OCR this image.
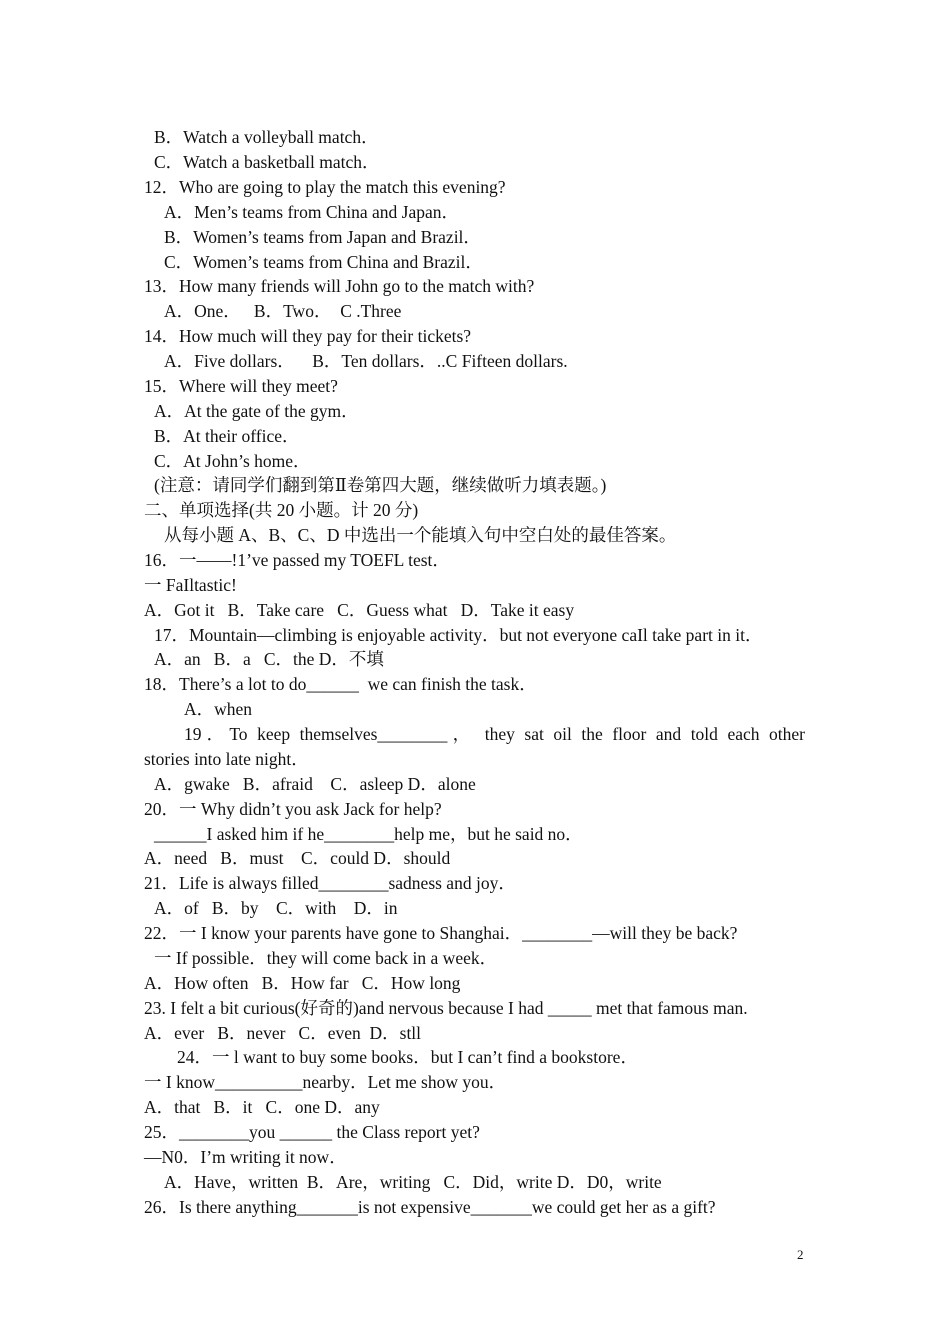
B．Watch a volleyball match．
C．Watch a basketball match．
12．Who are going to play the match this evening?
A．Men’s teams from China and Japan．
B．Women’s teams from Japan and Brazil．
C．Women’s teams from China and Brazil．
13．How many friends will John go to the match with?
A．One．   B．Two．  C .Three
14．How much will they pay for their tickets?
A．Five dollars．    B．Ten dollars．..C Fifteen dollars.
15．Where will they meet?
A．At the gate of the gym．
B．At their office．
C．At John’s home．
(注意：请同学们翻到第Ⅱ卷第四大题，继续做听力填表题。)
二、单项选择(共 20 小题。计 20 分)
从每小题 A、B、C、D 中选出一个能填入句中空白处的最佳答案。
16．一——!1’ve passed my TOEFL test．
一 FaIltastic!
A．Got it   B．Take care   C．Guess what   D．Take it easy
17．Mountain—climbing is enjoyable activity．but not everyone caIl take part in it．
A．an   B．a   C．the D．不填
18．There’s a lot to do______  we can finish the task．
A．when
19．To keep themselves________， they sat oil the floor and told each other
stories into late night．
A．gwake   B．afraid    C．asleep D．alone
20．一 Why didn’t you ask Jack for help?
______I asked him if he________help me，but he said no．
A．need   B．must    C．could D．should
21．Life is always filled________sadness and joy．
A．of   B．by    C．with    D．in
22．一 I know your parents have gone to Shanghai．________—will they be back?
一 If possible．they will come back in a week．
A．How often   B．How far   C．How long
23. I felt a bit curious(好奇的)and nervous because I had _____ met that famous man.
A．ever   B．never   C．even  D．stll
24．一 l want to buy some books．but I can’t find a bookstore．
一 I know__________nearby．Let me show you．
A．that   B．it   C．one D．any
25．________you ______ the Class report yet?
—N0．I’m writing it now．
A．Have，written  B．Are，writing   C．Did，write D．D0，write
26．Is there anything_______is not expensive_______we could get her as a gift?
2
